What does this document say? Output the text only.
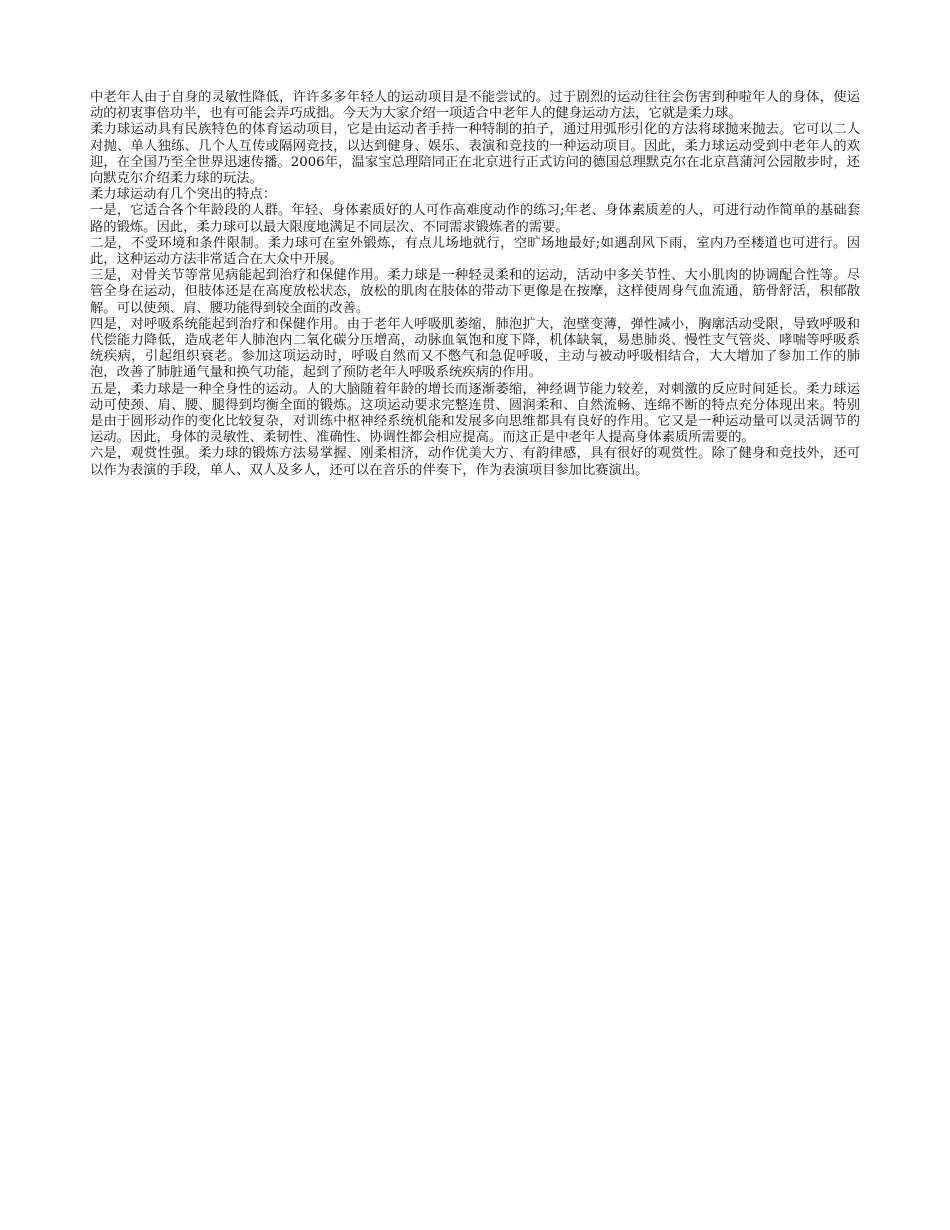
中老年人由于自身的灵敏性降低，许许多多年轻人的运动项目是不能尝试的。过于剧烈的运动往往会伤害到种啦年人的身体，使运动的初衷事倍功半，也有可能会弄巧成拙。今天为大家介绍一项适合中老年人的健身运动方法，它就是柔力球。

柔力球运动具有民族特色的体育运动项目，它是由运动者手持一种特制的拍子，通过用弧形引化的方法将球抛来抛去。它可以二人对抛、单人独练、几个人互传或隔网竞技，以达到健身、娱乐、表演和竞技的一种运动项目。因此，柔力球运动受到中老年人的欢迎，在全国乃至全世界迅速传播。2006年，温家宝总理陪同正在北京进行正式访问的德国总理默克尔在北京菖蒲河公园散步时，还向默克尔介绍柔力球的玩法。

柔力球运动有几个突出的特点：

一是，它适合各个年龄段的人群。年轻、身体素质好的人可作高难度动作的练习;年老、身体素质差的人，可进行动作简单的基础套路的锻炼。因此，柔力球可以最大限度地满足不同层次、不同需求锻炼者的需要。

二是，不受环境和条件限制。柔力球可在室外锻炼，有点儿场地就行，空旷场地最好;如遇刮风下雨，室内乃至楼道也可进行。因此，这种运动方法非常适合在大众中开展。

三是，对骨关节等常见病能起到治疗和保健作用。柔力球是一种轻灵柔和的运动，活动中多关节性、大小肌肉的协调配合性等。尽管全身在运动，但肢体还是在高度放松状态，放松的肌肉在肢体的带动下更像是在按摩，这样使周身气血流通，筋骨舒活，积郁散解。可以使颈、肩、腰功能得到较全面的改善。

四是，对呼吸系统能起到治疗和保健作用。由于老年人呼吸肌萎缩，肺泡扩大，泡壁变薄，弹性减小，胸廓活动受限，导致呼吸和代偿能力降低，造成老年人肺泡内二氧化碳分压增高，动脉血氧饱和度下降，机体缺氧，易患肺炎、慢性支气管炎、哮喘等呼吸系统疾病，引起组织衰老。参加这项运动时，呼吸自然而又不憋气和急促呼吸，主动与被动呼吸相结合，大大增加了参加工作的肺泡，改善了肺脏通气量和换气功能，起到了预防老年人呼吸系统疾病的作用。

五是，柔力球是一种全身性的运动。人的大脑随着年龄的增长而逐渐萎缩，神经调节能力较差，对刺激的反应时间延长。柔力球运动可使颈、肩、腰、腿得到均衡全面的锻炼。这项运动要求完整连贯、圆润柔和、自然流畅、连绵不断的特点充分体现出来。特别是由于圆形动作的变化比较复杂，对训练中枢神经系统机能和发展多向思维都具有良好的作用。它又是一种运动量可以灵活调节的运动。因此，身体的灵敏性、柔韧性、准确性、协调性都会相应提高。而这正是中老年人提高身体素质所需要的。

六是，观赏性强。柔力球的锻炼方法易掌握、刚柔相济，动作优美大方、有韵律感，具有很好的观赏性。除了健身和竞技外，还可以作为表演的手段，单人、双人及多人，还可以在音乐的伴奏下，作为表演项目参加比赛演出。
